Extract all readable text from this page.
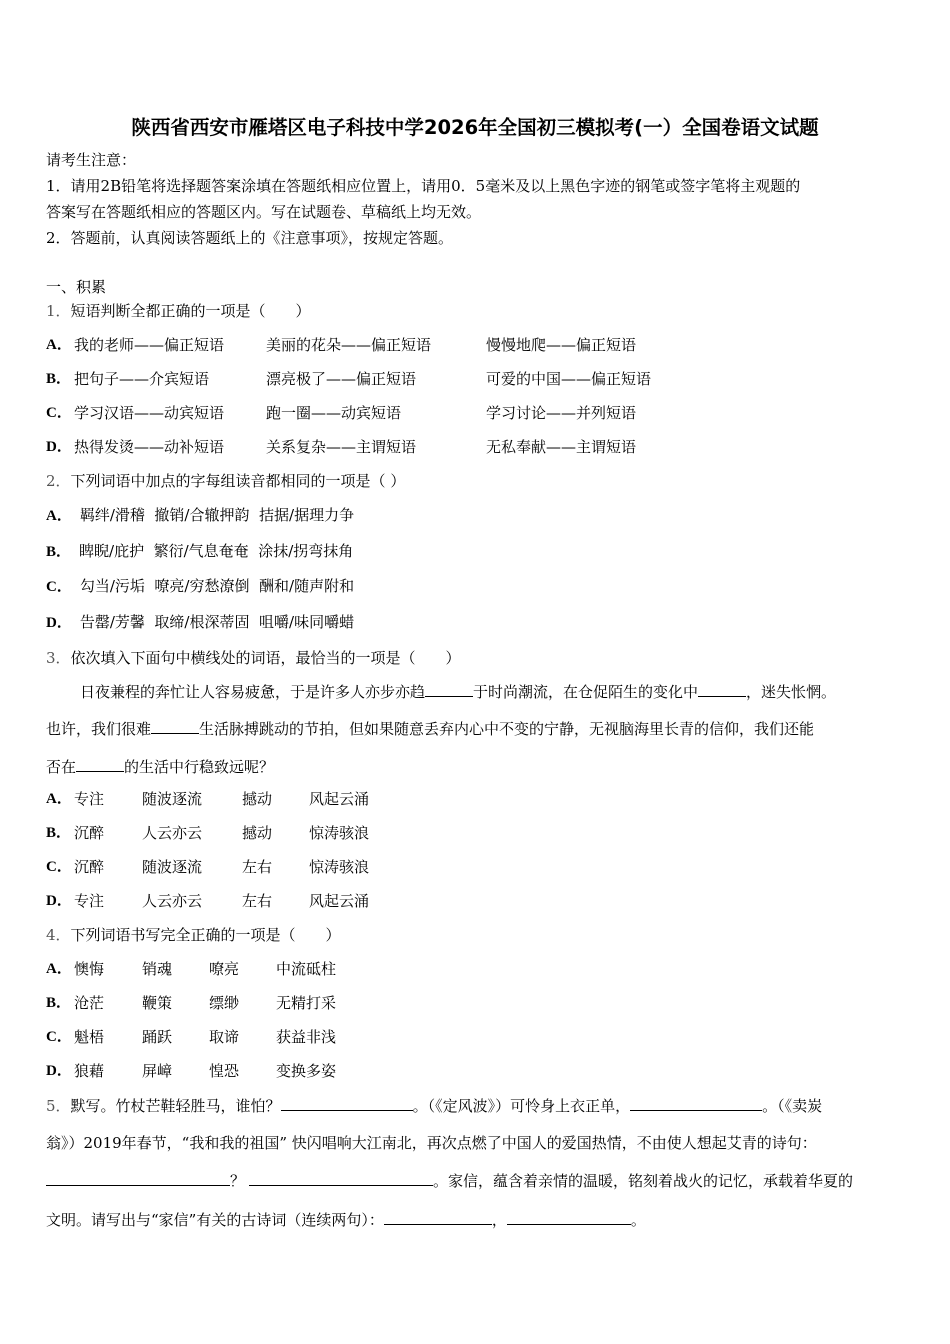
陕西省西安市雁塔区电子科技中学2026年全国初三模拟考(一）全国卷语文试题
请考生注意：
1．请用2B铅笔将选择题答案涂填在答题纸相应位置上，请用0．5毫米及以上黑色字迹的钢笔或签字笔将主观题的
答案写在答题纸相应的答题区内。写在试题卷、草稿纸上均无效。
2．答题前，认真阅读答题纸上的《注意事项》，按规定答题。
一、积累
1．短语判断全都正确的一项是（　　）
A． 我的老师——偏正短语	美丽的花朵——偏正短语	慢慢地爬——偏正短语
B． 把句子——介宾短语	漂亮极了——偏正短语	可爱的中国——偏正短语
C． 学习汉语——动宾短语	跑一圈——动宾短语	学习讨论——并列短语
D． 热得发烫——动补短语	关系复杂——主谓短语	无私奉献——主谓短语
2．下列词语中加点的字每组读音都相同的一项是（ ）
A． 羁绊/滑稽  撤销/合辙押韵  拮据/据理力争
B． 睥睨/庇护  繁衍/气息奄奄  涂抹/拐弯抹角
C． 勾当/污垢  嘹亮/穷愁潦倒  酬和/随声附和
D． 告罄/芳馨  取缔/根深蒂固  咀嚼/味同嚼蜡
3．依次填入下面句中横线处的词语，最恰当的一项是（　　）
日夜兼程的奔忙让人容易疲惫，于是许多人亦步亦趋	于时尚潮流，在仓促陌生的变化中	，迷失怅惘。
也许，我们很难	生活脉搏跳动的节拍，但如果随意丢弃内心中不变的宁静，无视脑海里长青的信仰，我们还能
否在	的生活中行稳致远呢？
A． 专注	随波逐流	撼动 风起云涌
B． 沉醉	人云亦云	撼动 惊涛骇浪
C． 沉醉	随波逐流	左右 惊涛骇浪
D． 专注	人云亦云	左右 风起云涌
4．下列词语书写完全正确的一项是（　　）
A． 懊悔	销魂 嘹亮 中流砥柱
B． 沧茫	鞭策 缥缈 无精打采
C． 魁梧	踊跃 取谛 获益非浅
D． 狼藉	屏嶂 惶恐 变换多姿
5．默写。竹杖芒鞋轻胜马，谁怕？	。（《定风波》）可怜身上衣正单，	。（《卖炭
翁》）2019年春节，“我和我的祖国” 快闪唱响大江南北，再次点燃了中国人的爱国热情，不由使人想起艾青的诗句：
？	。家信，蕴含着亲情的温暖，铭刻着战火的记忆，承载着华夏的
文明。请写出与“家信”有关的古诗词（连续两句）：	，	。
